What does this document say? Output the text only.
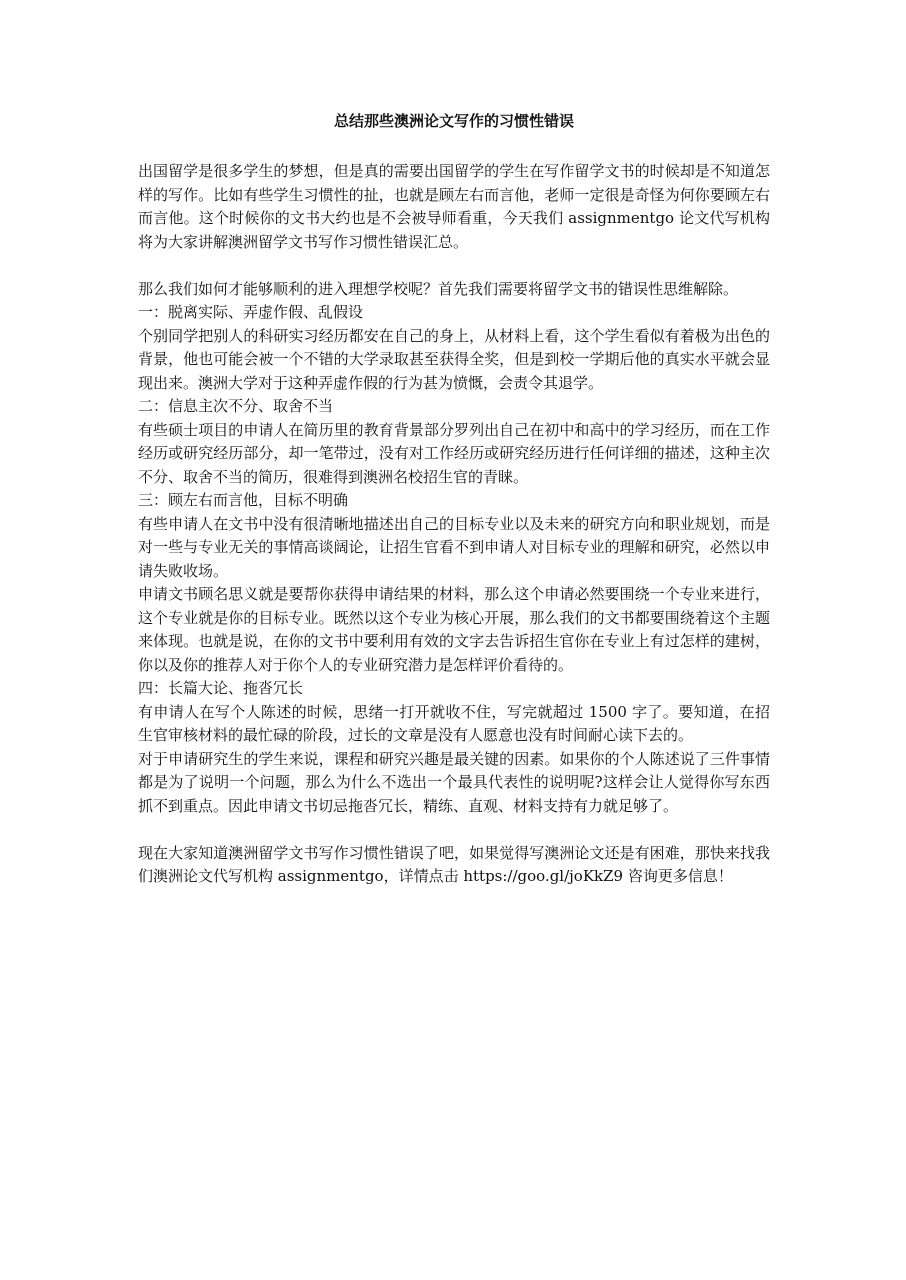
总结那些澳洲论文写作的习惯性错误

出国留学是很多学生的梦想，但是真的需要出国留学的学生在写作留学文书的时候却是不知道怎样的写作。比如有些学生习惯性的扯，也就是顾左右而言他，老师一定很是奇怪为何你要顾左右而言他。这个时候你的文书大约也是不会被导师看重，今天我们 assignmentgo 论文代写机构将为大家讲解澳洲留学文书写作习惯性错误汇总。

那么我们如何才能够顺利的进入理想学校呢？首先我们需要将留学文书的错误性思维解除。

一：脱离实际、弄虚作假、乱假设

个别同学把别人的科研实习经历都安在自己的身上，从材料上看，这个学生看似有着极为出色的背景，他也可能会被一个不错的大学录取甚至获得全奖，但是到校一学期后他的真实水平就会显现出来。澳洲大学对于这种弄虚作假的行为甚为愤慨，会责令其退学。

二：信息主次不分、取舍不当

有些硕士项目的申请人在简历里的教育背景部分罗列出自己在初中和高中的学习经历，而在工作经历或研究经历部分，却一笔带过，没有对工作经历或研究经历进行任何详细的描述，这种主次不分、取舍不当的简历，很难得到澳洲名校招生官的青睐。

三：顾左右而言他，目标不明确

有些申请人在文书中没有很清晰地描述出自己的目标专业以及未来的研究方向和职业规划，而是对一些与专业无关的事情高谈阔论，让招生官看不到申请人对目标专业的理解和研究，必然以申请失败收场。

申请文书顾名思义就是要帮你获得申请结果的材料，那么这个申请必然要围绕一个专业来进行，这个专业就是你的目标专业。既然以这个专业为核心开展，那么我们的文书都要围绕着这个主题来体现。也就是说，在你的文书中要利用有效的文字去告诉招生官你在专业上有过怎样的建树，你以及你的推荐人对于你个人的专业研究潜力是怎样评价看待的。

四：长篇大论、拖沓冗长

有申请人在写个人陈述的时候，思绪一打开就收不住，写完就超过 1500 字了。要知道，在招生官审核材料的最忙碌的阶段，过长的文章是没有人愿意也没有时间耐心读下去的。

对于申请研究生的学生来说，课程和研究兴趣是最关键的因素。如果你的个人陈述说了三件事情都是为了说明一个问题，那么为什么不选出一个最具代表性的说明呢?这样会让人觉得你写东西抓不到重点。因此申请文书切忌拖沓冗长，精练、直观、材料支持有力就足够了。

现在大家知道澳洲留学文书写作习惯性错误了吧，如果觉得写澳洲论文还是有困难，那快来找我们澳洲论文代写机构 assignmentgo，详情点击 https://goo.gl/joKkZ9 咨询更多信息！
